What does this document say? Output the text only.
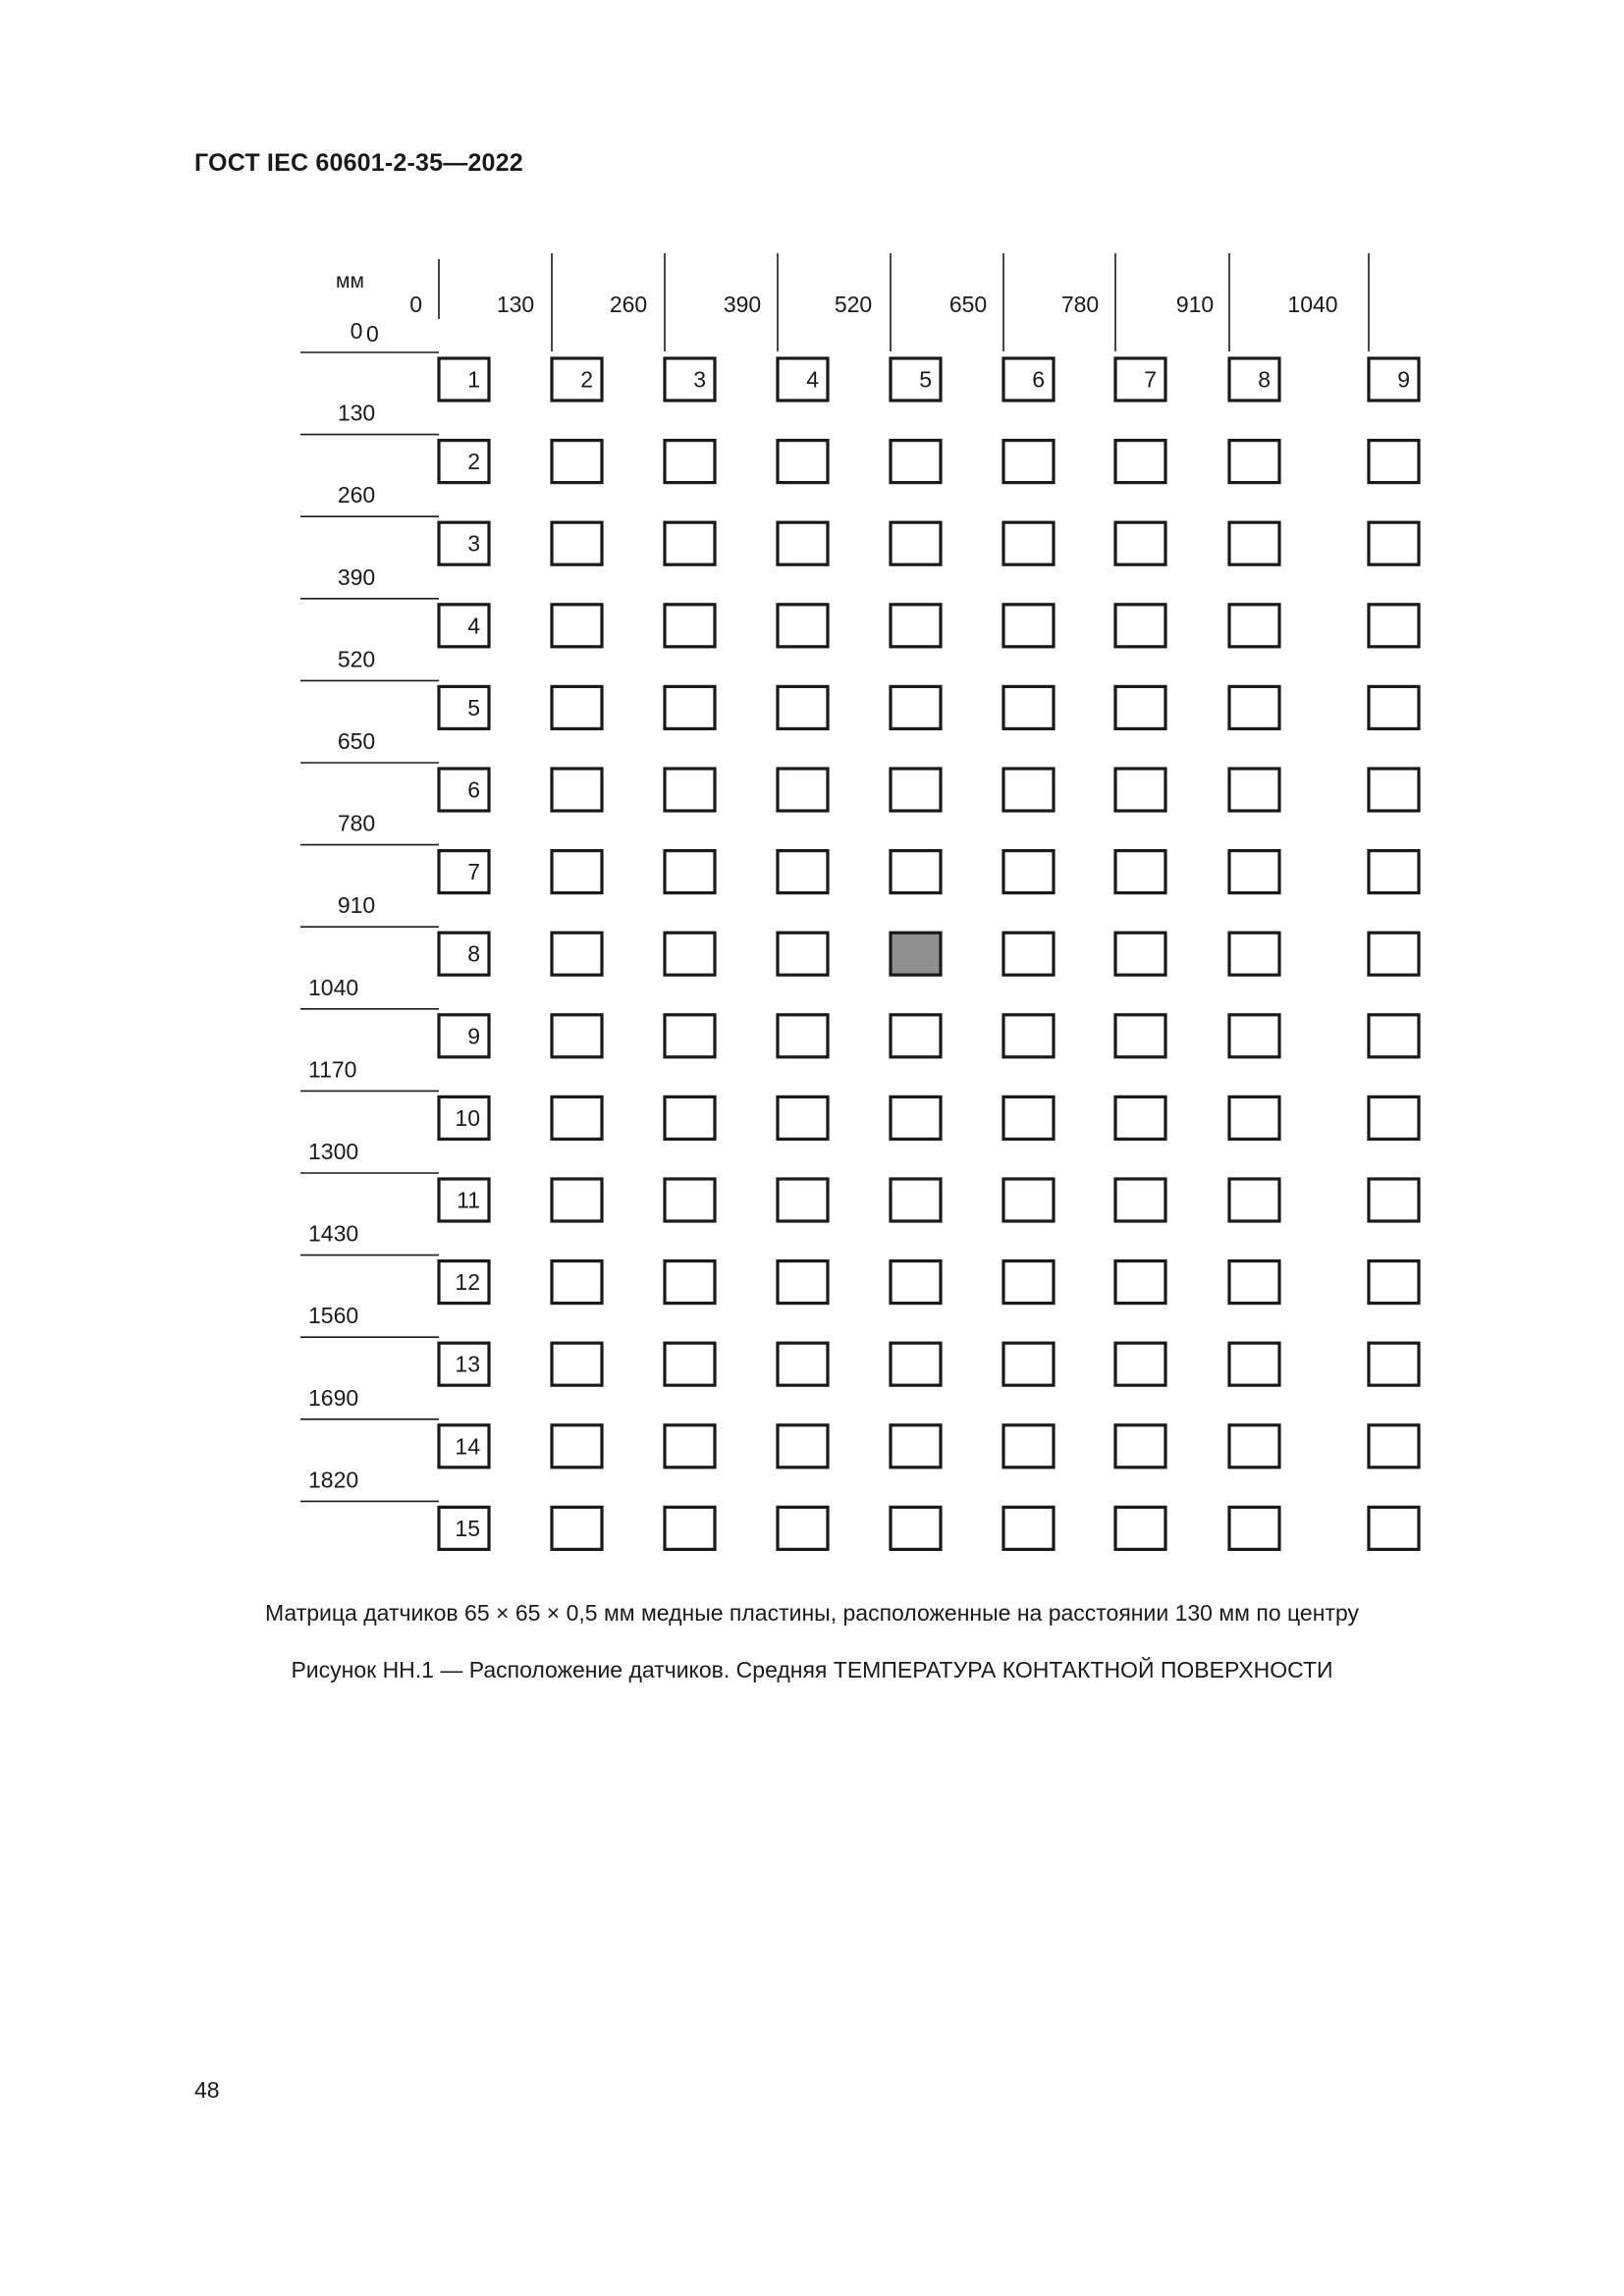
ГОСТ IEC 60601-2-35—2022
1	2	3	4	5	6	7	8	9
2
3
4
5
6
7
8
9
10
11
12
13
14
15
0
130
260
390
520
650
780
910
1040
1170
1300
1430
1560
1690
1820
0	130	260	390	520	650	780	910	1040
мм
0
Матрица датчиков 65 × 65 × 0,5 мм медные пластины, расположенные на расстоянии 130 мм по центру
Рисунок НН.1 — Расположение датчиков. Средняя ТЕМПЕРАТУРА КОНТАКТНОЙ ПОВЕРХНОСТИ
48
